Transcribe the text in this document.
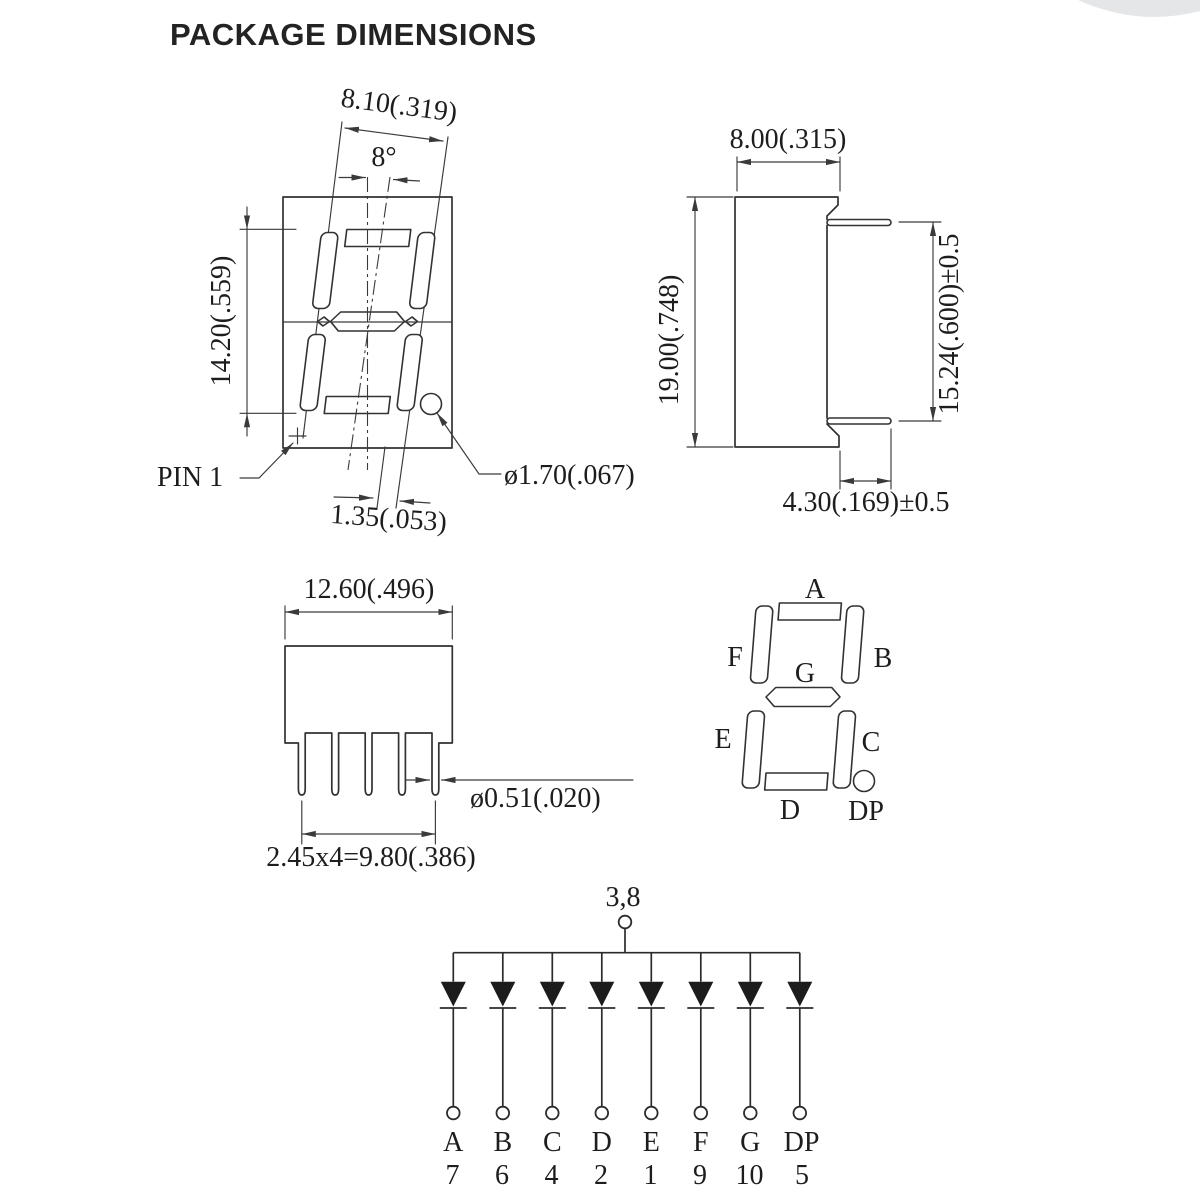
PACKAGE DIMENSIONS
8.10(.319)
8°
14.20(.559)
PIN 1	ø1.70(.067)
1.35(.053)
8.00(.315)
19.00(.748)	15.24(.600)±0.5
4.30(.169)±0.5
12.60(.496)
ø0.51(.020)
2.45x4=9.80(.386)
A
F	B
G
E	C
D DP
3,8
A B C D E F G DP
7 6 4 2 1 9 10 5
